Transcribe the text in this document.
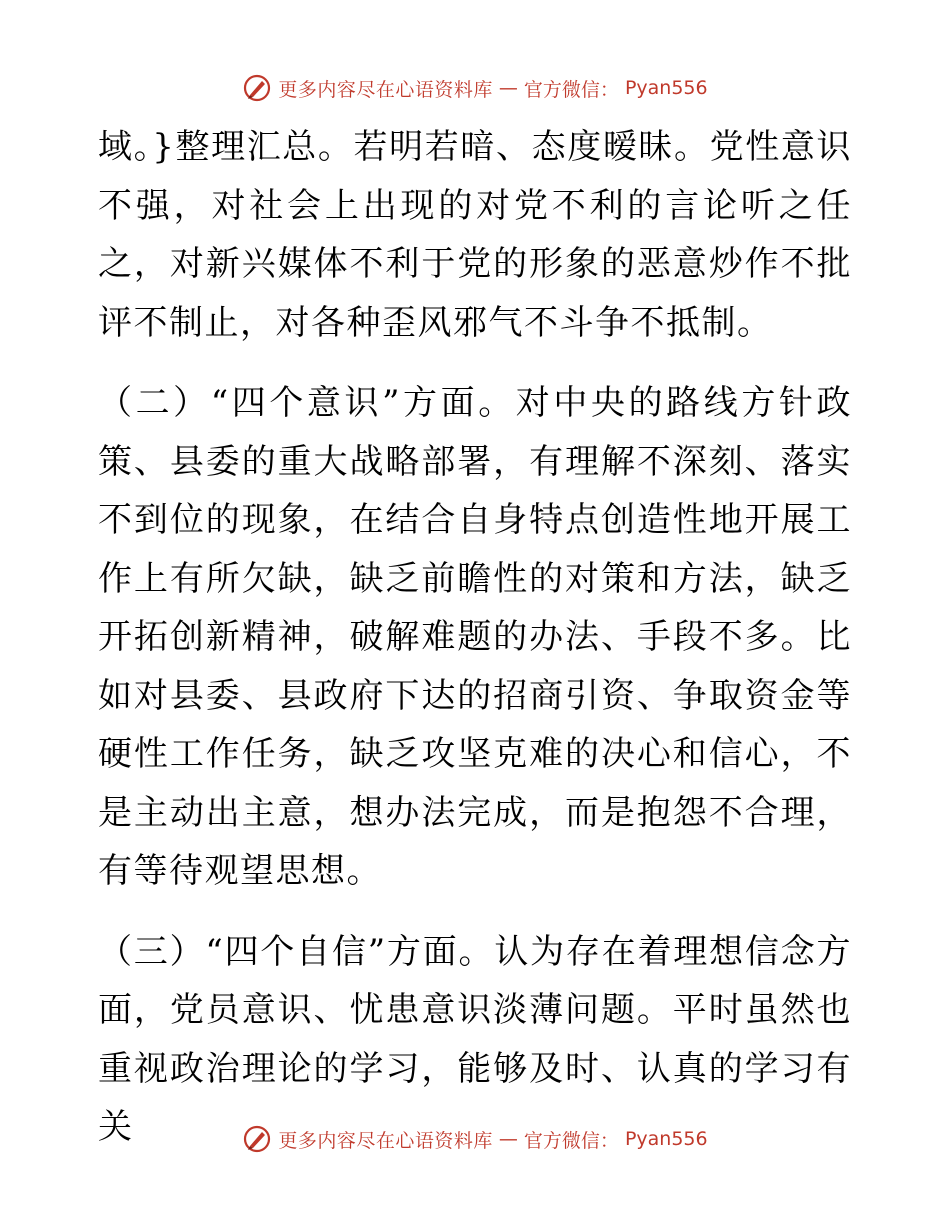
更多内容尽在心语资料库 — 官方微信： Pyan556

域。}整理汇总。若明若暗、态度暧昧。党性意识不强，对社会上出现的对党不利的言论听之任之，对新兴媒体不利于党的形象的恶意炒作不批评不制止，对各种歪风邪气不斗争不抵制。

（二）“四个意识”方面。对中央的路线方针政策、县委的重大战略部署，有理解不深刻、落实不到位的现象，在结合自身特点创造性地开展工作上有所欠缺，缺乏前瞻性的对策和方法，缺乏开拓创新精神，破解难题的办法、手段不多。比如对县委、县政府下达的招商引资、争取资金等硬性工作任务，缺乏攻坚克难的决心和信心，不是主动出主意，想办法完成，而是抱怨不合理，有等待观望思想。

（三）“四个自信”方面。认为存在着理想信念方面，党员意识、忧患意识淡薄问题。平时虽然也重视政治理论的学习，能够及时、认真的学习有关	更多内容尽在心语资料库 — 官方微信： Pyan556
